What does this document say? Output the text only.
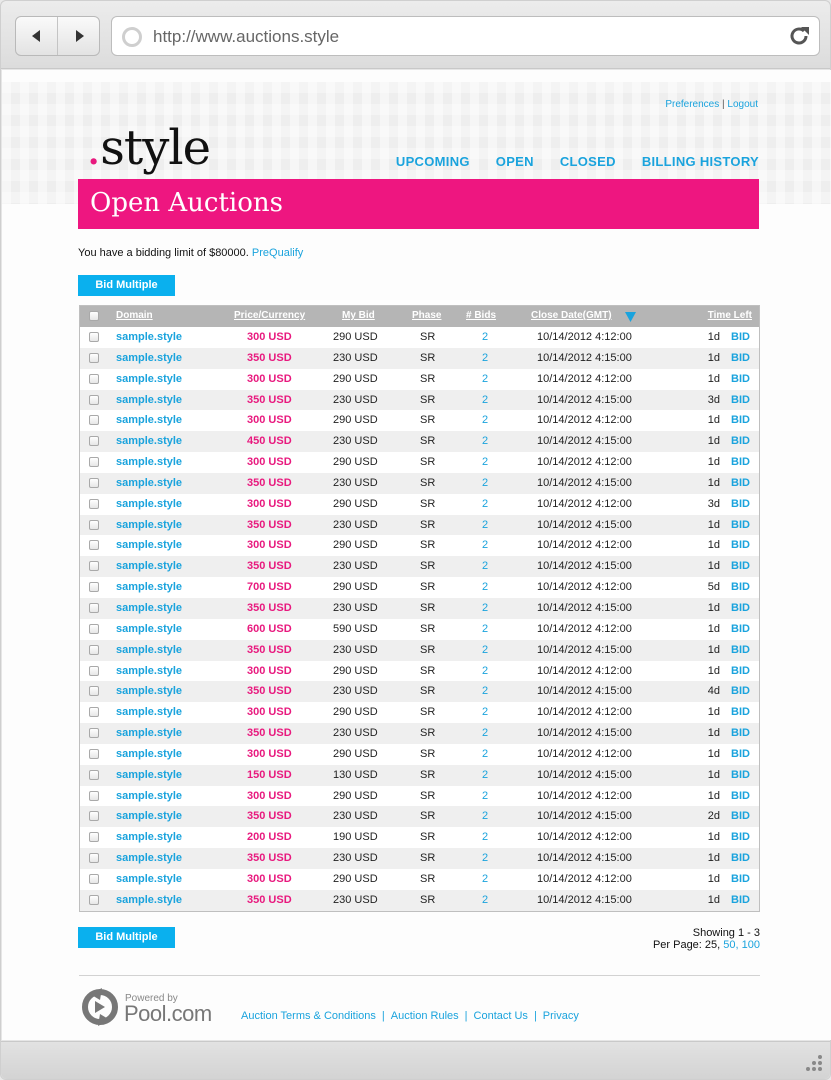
http://www.auctions.style
Preferences | Logout
.style	UPCOMING OPEN CLOSED BILLING HISTORY
Open Auctions
You have a bidding limit of $80000. PreQualify
Bid Multiple
Domain	Price/Currency	My Bid	Phase # Bids	Close Date(GMT)	Time Left
sample.style	300 USD	290 USD	SR	2	10/14/2012 4:12:00	1d BID
sample.style	350 USD	230 USD	SR	2	10/14/2012 4:15:00	1d BID
sample.style	300 USD	290 USD	SR	2	10/14/2012 4:12:00	1d BID
sample.style	350 USD	230 USD	SR	2	10/14/2012 4:15:00	3d BID
sample.style	300 USD	290 USD	SR	2	10/14/2012 4:12:00	1d BID
sample.style	450 USD	230 USD	SR	2	10/14/2012 4:15:00	1d BID
sample.style	300 USD	290 USD	SR	2	10/14/2012 4:12:00	1d BID
sample.style	350 USD	230 USD	SR	2	10/14/2012 4:15:00	1d BID
sample.style	300 USD	290 USD	SR	2	10/14/2012 4:12:00	3d BID
sample.style	350 USD	230 USD	SR	2	10/14/2012 4:15:00	1d BID
sample.style	300 USD	290 USD	SR	2	10/14/2012 4:12:00	1d BID
sample.style	350 USD	230 USD	SR	2	10/14/2012 4:15:00	1d BID
sample.style	700 USD	290 USD	SR	2	10/14/2012 4:12:00	5d BID
sample.style	350 USD	230 USD	SR	2	10/14/2012 4:15:00	1d BID
sample.style	600 USD	590 USD	SR	2	10/14/2012 4:12:00	1d BID
sample.style	350 USD	230 USD	SR	2	10/14/2012 4:15:00	1d BID
sample.style	300 USD	290 USD	SR	2	10/14/2012 4:12:00	1d BID
sample.style	350 USD	230 USD	SR	2	10/14/2012 4:15:00	4d BID
sample.style	300 USD	290 USD	SR	2	10/14/2012 4:12:00	1d BID
sample.style	350 USD	230 USD	SR	2	10/14/2012 4:15:00	1d BID
sample.style	300 USD	290 USD	SR	2	10/14/2012 4:12:00	1d BID
sample.style	150 USD	130 USD	SR	2	10/14/2012 4:15:00	1d BID
sample.style	300 USD	290 USD	SR	2	10/14/2012 4:12:00	1d BID
sample.style	350 USD	230 USD	SR	2	10/14/2012 4:15:00	2d BID
sample.style	200 USD	190 USD	SR	2	10/14/2012 4:12:00	1d BID
sample.style	350 USD	230 USD	SR	2	10/14/2012 4:15:00	1d BID
sample.style	300 USD	290 USD	SR	2	10/14/2012 4:12:00	1d BID
sample.style	350 USD	230 USD	SR	2	10/14/2012 4:15:00	1d BID
Bid Multiple	Showing 1 - 3
Per Page: 25, 50, 100
Powered by
Pool.com	Auction Terms & Conditions | Auction Rules | Contact Us | Privacy
